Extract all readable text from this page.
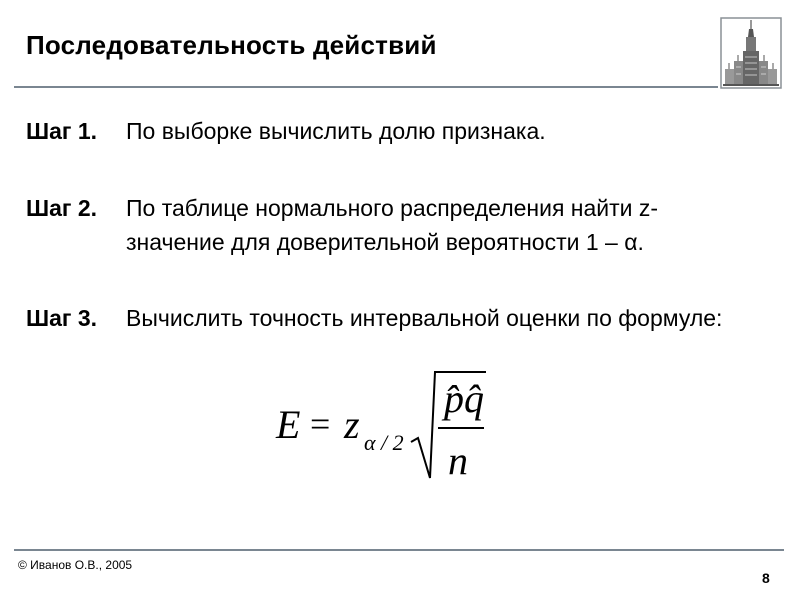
Последовательность действий
Шаг 1. По выборке вычислить долю признака.
Шаг 2. По таблице нормального распределения найти z-значение для доверительной вероятности 1 – α.
Шаг 3. Вычислить точность интервальной оценки по формуле:
E = z α / 2
p̂q̂
n
© Иванов О.В., 2005
8
